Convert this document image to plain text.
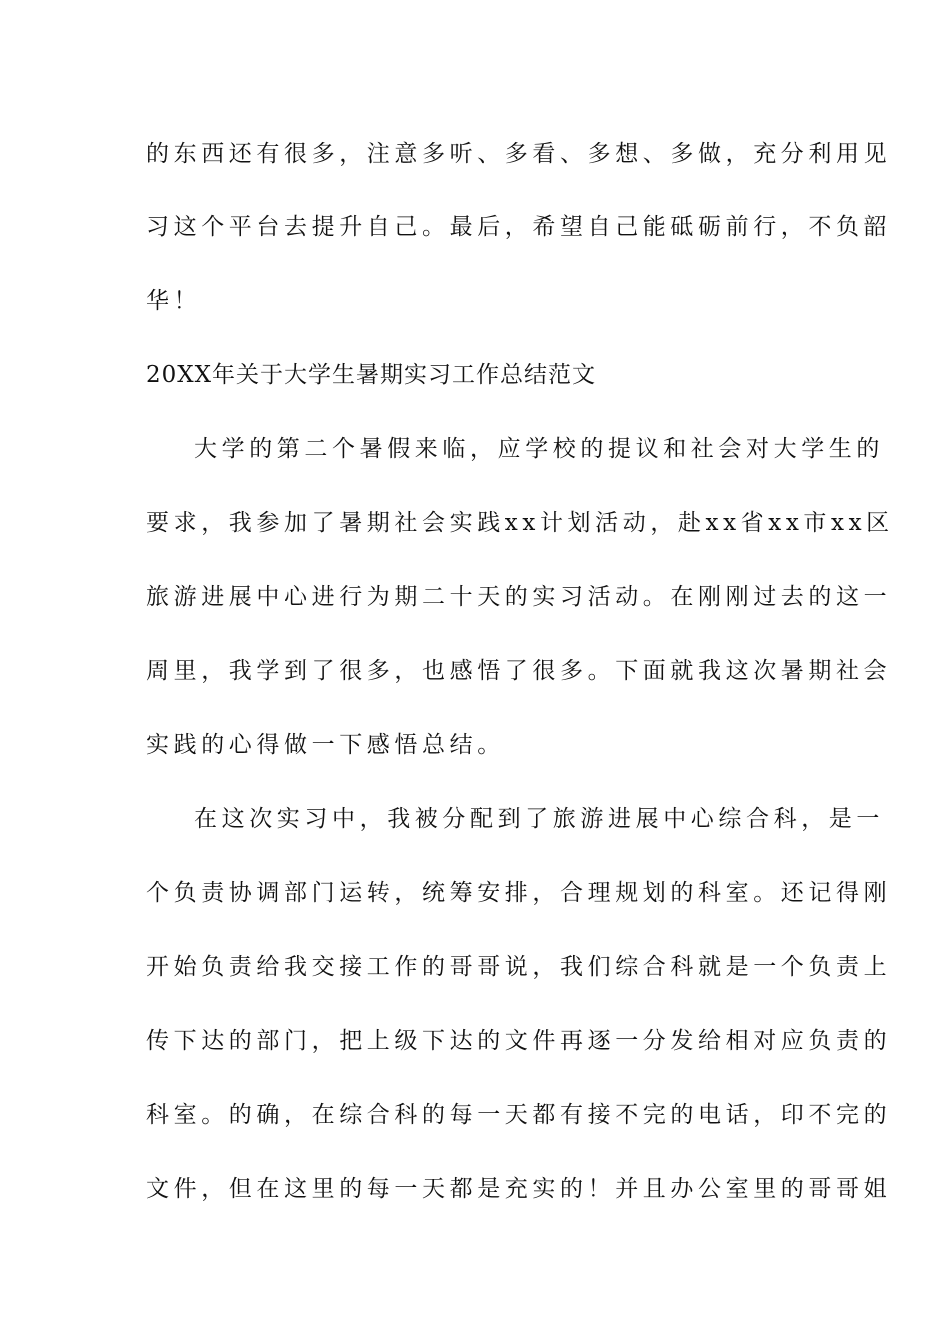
的东西还有很多，注意多听、多看、多想、多做，充分利用见
习这个平台去提升自己。最后，希望自己能砥砺前行，不负韶
华！
20XX年关于大学生暑期实习工作总结范文
大学的第二个暑假来临，应学校的提议和社会对大学生的
要求，我参加了暑期社会实践xx计划活动，赴xx省xx市xx区
旅游进展中心进行为期二十天的实习活动。在刚刚过去的这一
周里，我学到了很多，也感悟了很多。下面就我这次暑期社会
实践的心得做一下感悟总结。
在这次实习中，我被分配到了旅游进展中心综合科，是一
个负责协调部门运转，统筹安排，合理规划的科室。还记得刚
开始负责给我交接工作的哥哥说，我们综合科就是一个负责上
传下达的部门，把上级下达的文件再逐一分发给相对应负责的
科室。的确，在综合科的每一天都有接不完的电话，印不完的
文件，但在这里的每一天都是充实的！并且办公室里的哥哥姐
